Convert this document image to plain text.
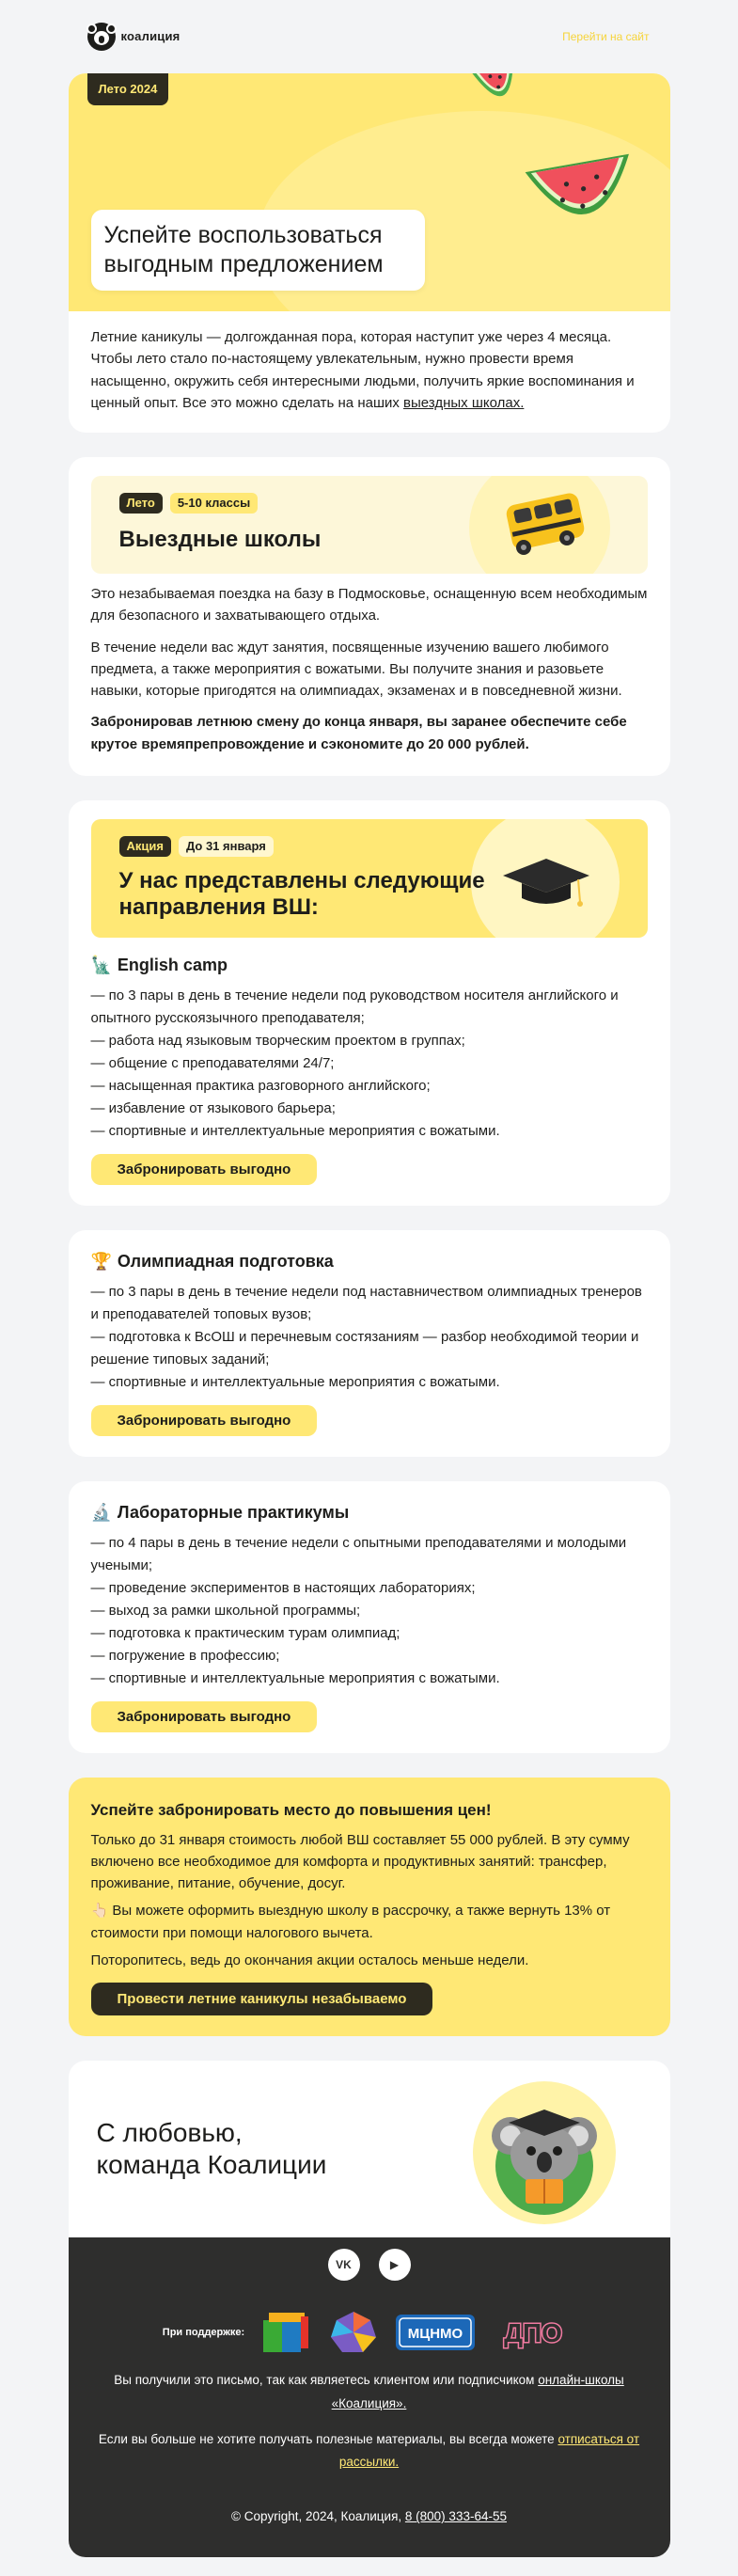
коалиция	Перейти на сайт
Лето 2024
Успейте воспользоваться выгодным предложением
Летние каникулы — долгожданная пора, которая наступит уже через 4 месяца. Чтобы лето стало по-настоящему увлекательным, нужно провести время насыщенно, окружить себя интересными людьми, получить яркие воспоминания и ценный опыт. Все это можно сделать на наших выездных школах.
Лето	5-10 классы
Выездные школы

Это незабываемая поездка на базу в Подмосковье, оснащенную всем необходимым для безопасного и захватывающего отдыха.

В течение недели вас ждут занятия, посвященные изучению вашего любимого предмета, а также мероприятия с вожатыми. Вы получите знания и разовьете навыки, которые пригодятся на олимпиадах, экзаменах и в повседневной жизни.

Забронировав летнюю смену до конца января, вы заранее обеспечите себе крутое времяпрепровождение и сэкономите до 20 000 рублей.

Акция	До 31 января
У нас представлены следующие направления ВШ:
🗽 English camp
— по 3 пары в день в течение недели под руководством носителя английского и опытного русскоязычного преподавателя;
— работа над языковым творческим проектом в группах;
— общение с преподавателями 24/7;
— насыщенная практика разговорного английского;
— избавление от языкового барьера;
— спортивные и интеллектуальные мероприятия с вожатыми.
Забронировать выгодно
🏆 Олимпиадная подготовка
— по 3 пары в день в течение недели под наставничеством олимпиадных тренеров и преподавателей топовых вузов;
— подготовка к ВсОШ и перечневым состязаниям — разбор необходимой теории и решение типовых заданий;
— спортивные и интеллектуальные мероприятия с вожатыми.
Забронировать выгодно
🔬 Лабораторные практикумы
— по 4 пары в день в течение недели с опытными преподавателями и молодыми учеными;
— проведение экспериментов в настоящих лабораториях;
— выход за рамки школьной программы;
— подготовка к практическим турам олимпиад;
— погружение в профессию;
— спортивные и интеллектуальные мероприятия с вожатыми.
Забронировать выгодно
Успейте забронировать место до повышения цен!

Только до 31 января стоимость любой ВШ составляет 55 000 рублей. В эту сумму включено все необходимое для комфорта и продуктивных занятий: трансфер, проживание, питание, обучение, досуг.

👆🏻 Вы можете оформить выездную школу в рассрочку, а также вернуть 13% от стоимости при помощи налогового вычета.

Поторопитесь, ведь до окончания акции осталось меньше недели.

Провести летние каникулы незабываемо
С любовью,
команда Коалиции
VK	▶
При поддержке:	МЦНМО ДПО

Вы получили это письмо, так как являетесь клиентом или подписчиком онлайн-школы «Коалиция».

Если вы больше не хотите получать полезные материалы, вы всегда можете отписаться от рассылки.

© Copyright, 2024, Коалиция, 8 (800) 333-64-55
